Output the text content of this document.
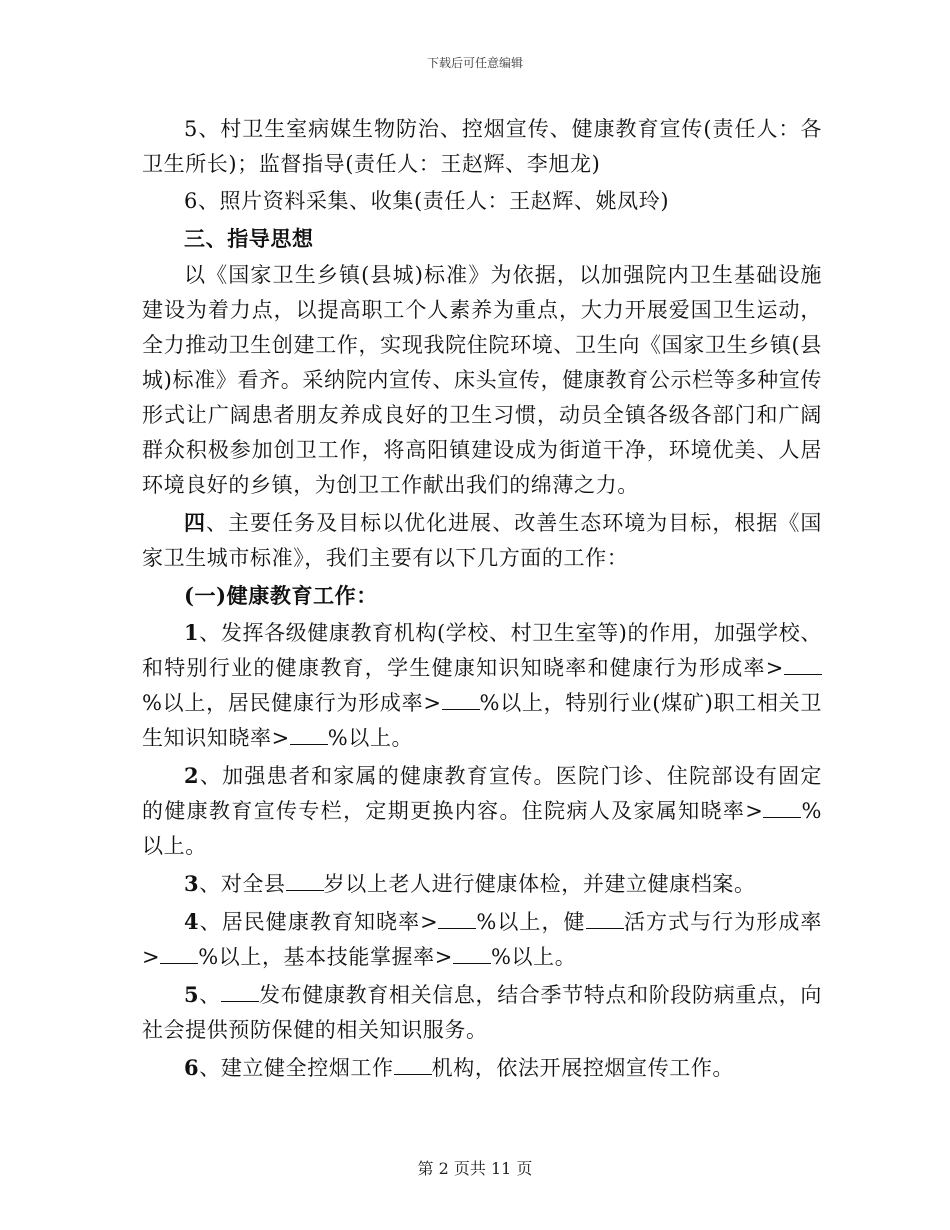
下载后可任意编辑

5、村卫生室病媒生物防治、控烟宣传、健康教育宣传(责任人：各卫生所长)；监督指导(责任人：王赵辉、李旭龙)

6、照片资料采集、收集(责任人：王赵辉、姚凤玲)

三、指导思想

以《国家卫生乡镇(县城)标准》为依据，以加强院内卫生基础设施建设为着力点，以提高职工个人素养为重点，大力开展爱国卫生运动，全力推动卫生创建工作，实现我院住院环境、卫生向《国家卫生乡镇(县城)标准》看齐。采纳院内宣传、床头宣传，健康教育公示栏等多种宣传形式让广阔患者朋友养成良好的卫生习惯，动员全镇各级各部门和广阔群众积极参加创卫工作，将高阳镇建设成为街道干净，环境优美、人居环境良好的乡镇，为创卫工作献出我们的绵薄之力。

四、主要任务及目标以优化进展、改善生态环境为目标，根据《国家卫生城市标准》，我们主要有以下几方面的工作：

(一)健康教育工作：

1、发挥各级健康教育机构(学校、村卫生室等)的作用，加强学校、和特别行业的健康教育，学生健康知识知晓率和健康行为形成率>%以上，居民健康行为形成率> %以上，特别行业(煤矿)职工相关卫生知识知晓率> %以上。

2、加强患者和家属的健康教育宣传。医院门诊、住院部设有固定的健康教育宣传专栏，定期更换内容。住院病人及家属知晓率> %以上。

3、对全县 岁以上老人进行健康体检，并建立健康档案。

4、居民健康教育知晓率> %以上，健 活方式与行为形成率> %以上，基本技能掌握率> %以上。

5、 发布健康教育相关信息，结合季节特点和阶段防病重点，向社会提供预防保健的相关知识服务。

6、建立健全控烟工作 机构，依法开展控烟宣传工作。

第 2 页共 11 页
